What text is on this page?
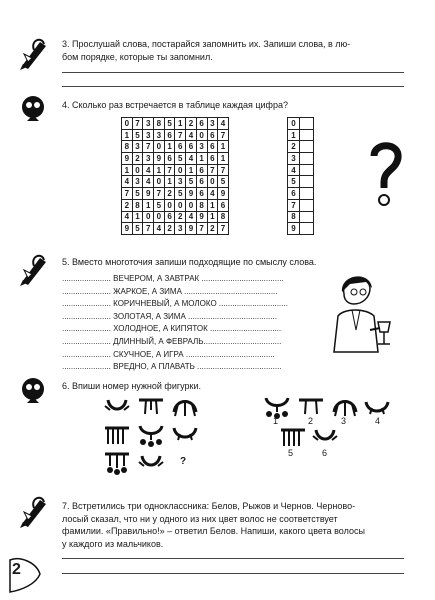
3. Прослушай слова, постарайся запомнить их. Запиши слова, в лю-
бом порядке, которые ты запомнил.
4. Сколько раз встречается в таблице каждая цифра?
0	7	3	8	5	1	2	6	3	4
1	5	3	3	6	7	4	0	6	7
8	3	7	0	1	6	6	3	6	1
9	2	3	9	6	5	4	1	6	1
1	0	4	1	7	0	1	6	7	7
4	3	4	0	1	3	5	6	0	5
7	5	9	7	2	5	9	6	4	9
2	8	1	5	0	0	0	8	1	6
4	1	0	0	6	2	4	9	1	8
9	5	7	4	2	3	9	7	2	7
0	
1	
2	
3	
4	
5	
6	
7	
8	
9	
5. Вместо многоточия запиши подходящие по смыслу слова.
...................... ВЕЧЕРОМ, А ЗАВТРАК .....................................
...................... ЖАРКОЕ, А ЗИМА ..........................................
...................... КОРИЧНЕВЫЙ, А МОЛОКО ...............................
...................... ЗОЛОТАЯ, А ЗИМА ........................................
...................... ХОЛОДНОЕ, А КИПЯТОК ................................
...................... ДЛИННЫЙ, А ФЕВРАЛЬ...................................
...................... СКУЧНОЕ, А ИГРА ........................................
...................... ВРЕДНО, А ПЛАВАТЬ ......................................
6. Впиши номер нужной фигурки.
?
1	2	3	4
5	6
7. Встретились три одноклассника: Белов, Рыжов и Чернов. Черново-
лосый сказал, что ни у одного из них цвет волос не соответствует
фамилии. «Правильно!» – ответил Белов. Напиши, какого цвета волосы
у каждого из мальчиков.
2
